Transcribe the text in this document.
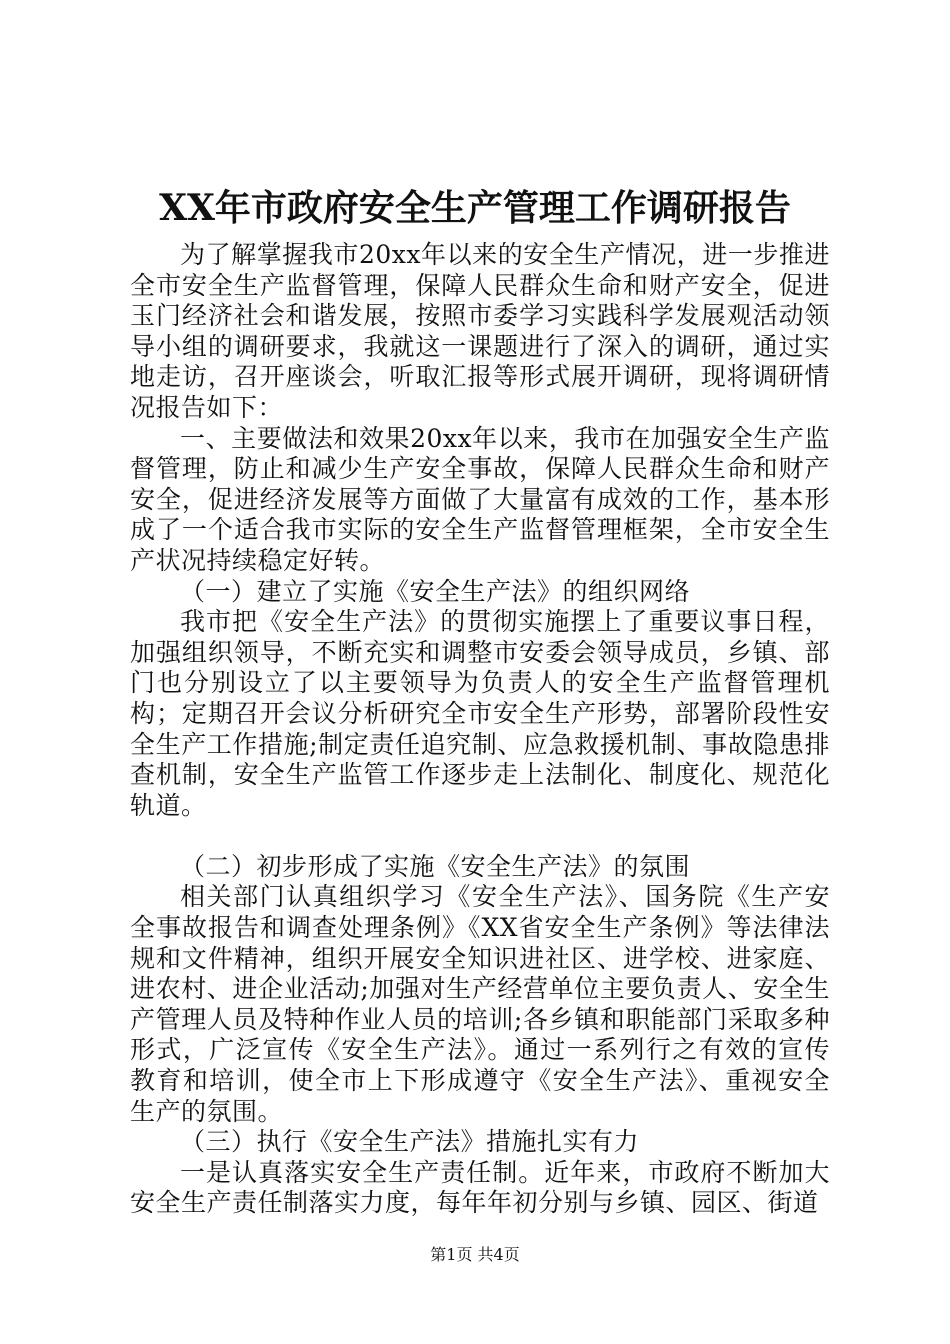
XX年市政府安全生产管理工作调研报告

为了解掌握我市20xx年以来的安全生产情况，进一步推进全市安全生产监督管理，保障人民群众生命和财产安全，促进玉门经济社会和谐发展，按照市委学习实践科学发展观活动领导小组的调研要求，我就这一课题进行了深入的调研，通过实地走访，召开座谈会，听取汇报等形式展开调研，现将调研情况报告如下：

一、主要做法和效果20xx年以来，我市在加强安全生产监督管理，防止和减少生产安全事故，保障人民群众生命和财产安全，促进经济发展等方面做了大量富有成效的工作，基本形成了一个适合我市实际的安全生产监督管理框架，全市安全生产状况持续稳定好转。

（一）建立了实施《安全生产法》的组织网络

我市把《安全生产法》的贯彻实施摆上了重要议事日程，加强组织领导，不断充实和调整市安委会领导成员，乡镇、部门也分别设立了以主要领导为负责人的安全生产监督管理机构；定期召开会议分析研究全市安全生产形势，部署阶段性安全生产工作措施;制定责任追究制、应急救援机制、事故隐患排查机制，安全生产监管工作逐步走上法制化、制度化、规范化轨道。

（二）初步形成了实施《安全生产法》的氛围

相关部门认真组织学习《安全生产法》、国务院《生产安全事故报告和调查处理条例》《XX省安全生产条例》等法律法规和文件精神，组织开展安全知识进社区、进学校、进家庭、进农村、进企业活动;加强对生产经营单位主要负责人、安全生产管理人员及特种作业人员的培训;各乡镇和职能部门采取多种形式，广泛宣传《安全生产法》。通过一系列行之有效的宣传教育和培训，使全市上下形成遵守《安全生产法》、重视安全生产的氛围。

（三）执行《安全生产法》措施扎实有力

一是认真落实安全生产责任制。近年来，市政府不断加大安全生产责任制落实力度，每年年初分别与乡镇、园区、街道

第1页 共4页
